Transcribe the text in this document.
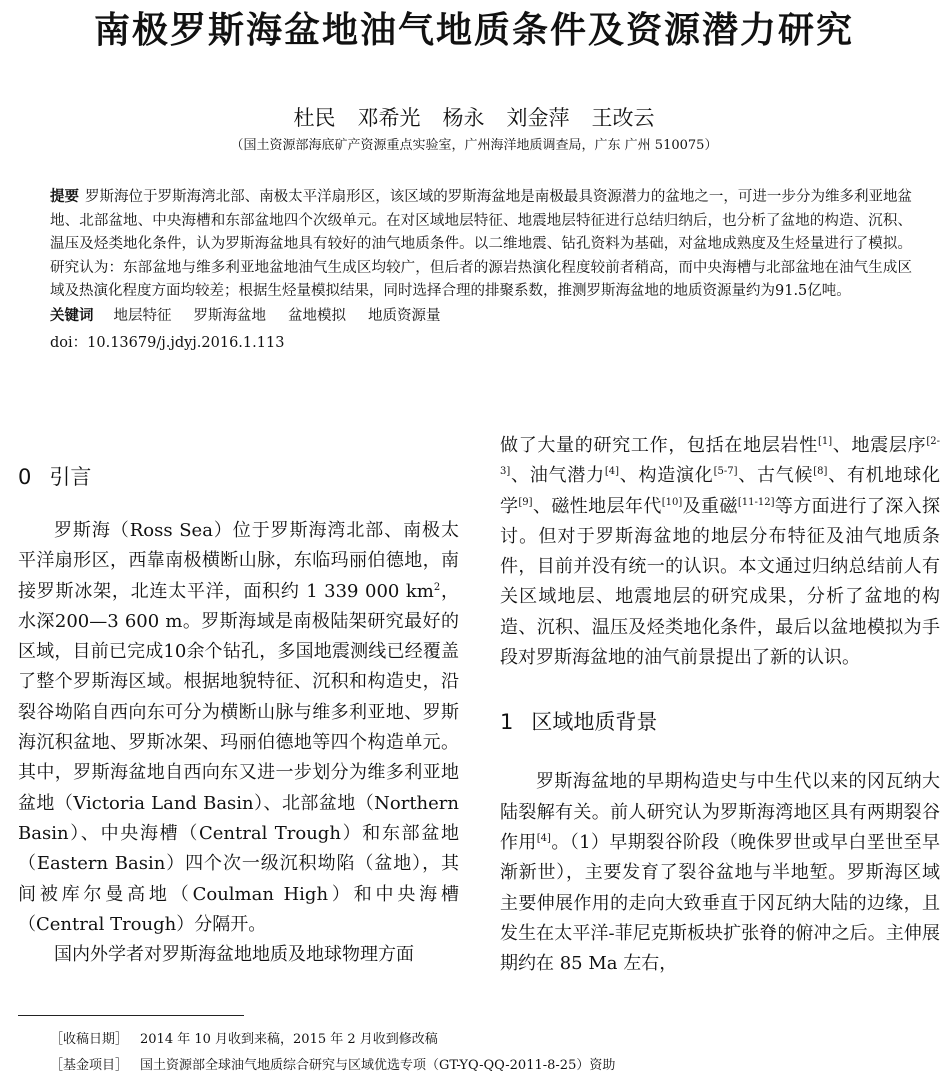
南极罗斯海盆地油气地质条件及资源潜力研究
杜民 邓希光 杨永 刘金萍 王改云
（国土资源部海底矿产资源重点实验室，广州海洋地质调查局，广东 广州 510075）

提要 罗斯海位于罗斯海湾北部、南极太平洋扇形区，该区域的罗斯海盆地是南极最具资源潜力的盆地之一，可进一步分为维多利亚地盆地、北部盆地、中央海槽和东部盆地四个次级单元。在对区域地层特征、地震地层特征进行总结归纳后，也分析了盆地的构造、沉积、温压及烃类地化条件，认为罗斯海盆地具有较好的油气地质条件。以二维地震、钻孔资料为基础，对盆地成熟度及生烃量进行了模拟。研究认为：东部盆地与维多利亚地盆地油气生成区均较广，但后者的源岩热演化程度较前者稍高，而中央海槽与北部盆地在油气生成区域及热演化程度方面均较差；根据生烃量模拟结果，同时选择合理的排聚系数，推测罗斯海盆地的地质资源量约为91.5亿吨。

关键词 地层特征 罗斯海盆地 盆地模拟 地质资源量

doi：10.13679/j.jdyj.2016.1.113

0 引言

罗斯海（Ross Sea）位于罗斯海湾北部、南极太平洋扇形区，西靠南极横断山脉，东临玛丽伯德地，南接罗斯冰架，北连太平洋，面积约 1 339 000 $km^2$，水深200—3 600 m。罗斯海域是南极陆架研究最好的区域，目前已完成10余个钻孔，多国地震测线已经覆盖了整个罗斯海区域。根据地貌特征、沉积和构造史，沿裂谷坳陷自西向东可分为横断山脉与维多利亚地、罗斯海沉积盆地、罗斯冰架、玛丽伯德地等四个构造单元。其中，罗斯海盆地自西向东又进一步划分为维多利亚地盆地（Victoria Land Basin）、北部盆地（Northern Basin）、中央海槽（Central Trough）和东部盆地（Eastern Basin）四个次一级沉积坳陷（盆地），其间被库尔曼高地（Coulman High）和中央海槽（Central Trough）分隔开。

国内外学者对罗斯海盆地地质及地球物理方面

做了大量的研究工作，包括在地层岩性[1]、地震层序[2-3]、油气潜力[4]、构造演化[5-7]、古气候[8]、有机地球化学[9]、磁性地层年代[10]及重磁[11-12]等方面进行了深入探讨。但对于罗斯海盆地的地层分布特征及油气地质条件，目前并没有统一的认识。本文通过归纳总结前人有关区域地层、地震地层的研究成果，分析了盆地的构造、沉积、温压及烃类地化条件，最后以盆地模拟为手段对罗斯海盆地的油气前景提出了新的认识。

1 区域地质背景

罗斯海盆地的早期构造史与中生代以来的冈瓦纳大陆裂解有关。前人研究认为罗斯海湾地区具有两期裂谷作用[4]。（1）早期裂谷阶段（晚侏罗世或早白垩世至早渐新世），主要发育了裂谷盆地与半地堑。罗斯海区域主要伸展作用的走向大致垂直于冈瓦纳大陆的边缘，且发生在太平洋-菲尼克斯板块扩张脊的俯冲之后。主伸展期约在 85 Ma 左右，

［收稿日期］ 2014 年 10 月收到来稿，2015 年 2 月收到修改稿
［基金项目］ 国土资源部全球油气地质综合研究与区域优选专项（GT-YQ-QQ-2011-8-25）资助
